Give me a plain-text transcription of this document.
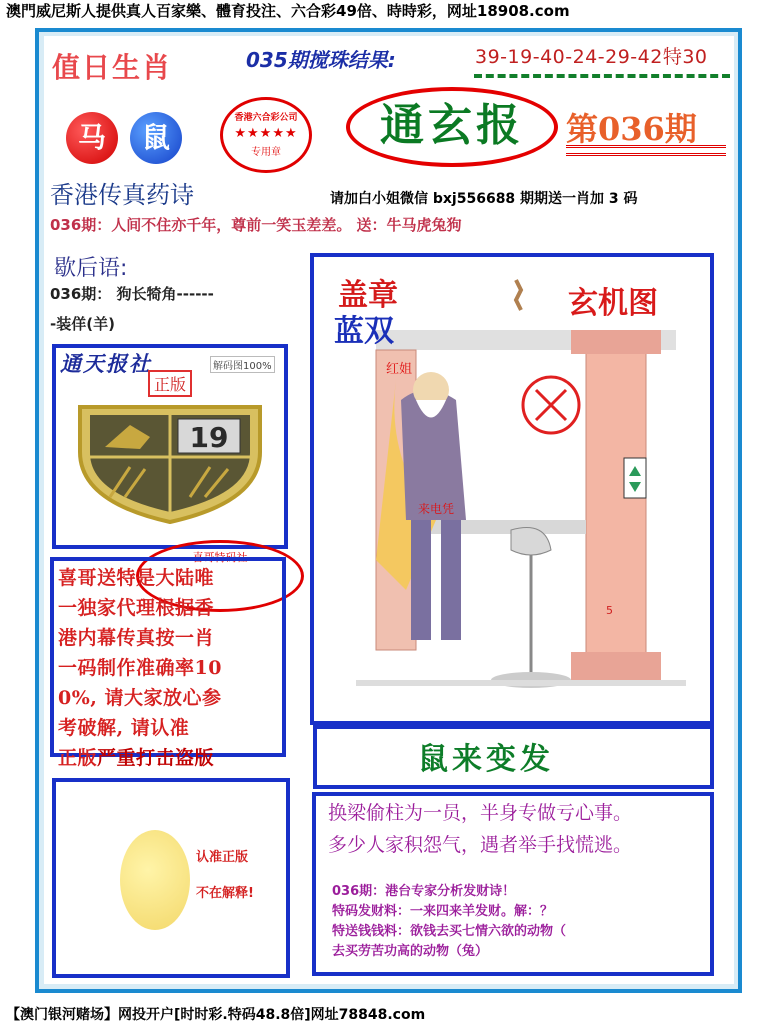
澳門威尼斯人提供真人百家樂、體育投注、六合彩49倍、時時彩，网址18908.com
值日生肖	035期搅珠结果:	39-19-40-24-29-42特30
马	鼠
香港六合彩公司
★★★★★
专用章
通玄报	第036期
香港传真药诗	请加白小姐微信 bxj556688 期期送一肖加 3 码
036期：人间不住亦千年，尊前一笑玉差差。 送：牛马虎兔狗
歇后语:
036期： 狗长犄角------
-装佯(羊)
通天报社	解码图100%
正版
19
喜哥特码社
喜哥送特是大陆唯
一独家代理根据香
港内幕传真按一肖
一码制作准确率10
0%, 请大家放心参
考破解, 请认准
正版严重打击盗版
认准正版
不在解释!
盖章
蓝双
玄机图
红姐
来电凭
5
鼠来变发
换梁偷柱为一员，半身专做亏心事。
多少人家积怨气，遇者举手找慌逃。
036期：港台专家分析发财诗！
特码发财料：一来四来羊发财。解：？
特送钱钱料：欲钱去买七情六欲的动物（
去买劳苦功高的动物（兔）
【澳门银河赌场】网投开户[时时彩.特码48.8倍]网址78848.com
